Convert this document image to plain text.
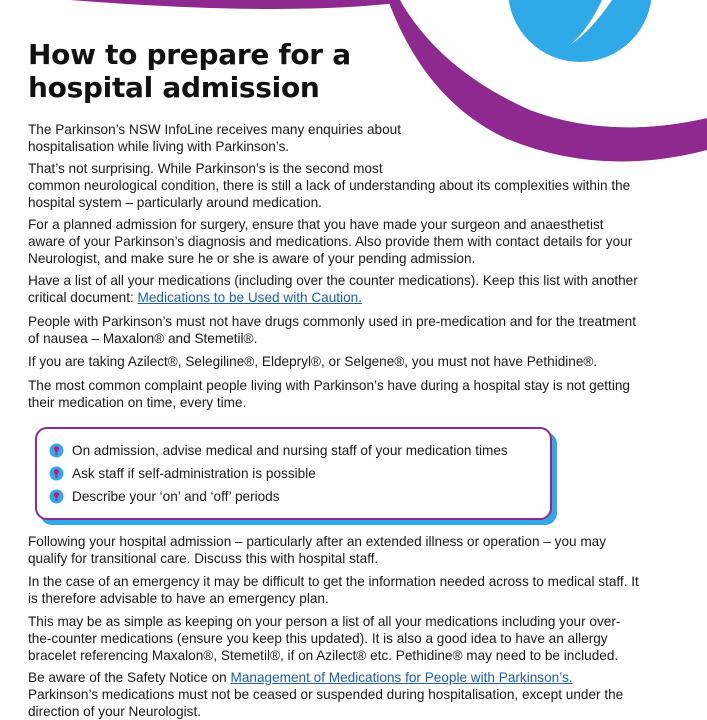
How to prepare for a
hospital admission

The Parkinson’s NSW InfoLine receives many enquiries about
hospitalisation while living with Parkinson’s.

That’s not surprising. While Parkinson’s is the second most
common neurological condition, there is still a lack of understanding about its complexities within the
hospital system – particularly around medication.

For a planned admission for surgery, ensure that you have made your surgeon and anaesthetist
aware of your Parkinson’s diagnosis and medications. Also provide them with contact details for your
Neurologist, and make sure he or she is aware of your pending admission.

Have a list of all your medications (including over the counter medications). Keep this list with another
critical document: Medications to be Used with Caution.

People with Parkinson’s must not have drugs commonly used in pre-medication and for the treatment
of nausea – Maxalon® and Stemetil®.

If you are taking Azilect®, Selegiline®, Eldepryl®, or Selgene®, you must not have Pethidine®.

The most common complaint people living with Parkinson’s have during a hospital stay is not getting
their medication on time, every time.

On admission, advise medical and nursing staff of your medication times
Ask staff if self-administration is possible
Describe your ‘on’ and ‘off’ periods

Following your hospital admission – particularly after an extended illness or operation – you may
qualify for transitional care. Discuss this with hospital staff.

In the case of an emergency it may be difficult to get the information needed across to medical staff. It
is therefore advisable to have an emergency plan.

This may be as simple as keeping on your person a list of all your medications including your over-
the-counter medications (ensure you keep this updated). It is also a good idea to have an allergy
bracelet referencing Maxalon®, Stemetil®, if on Azilect® etc. Pethidine® may need to be included.

Be aware of the Safety Notice on Management of Medications for People with Parkinson’s.
Parkinson’s medications must not be ceased or suspended during hospitalisation, except under the
direction of your Neurologist.
